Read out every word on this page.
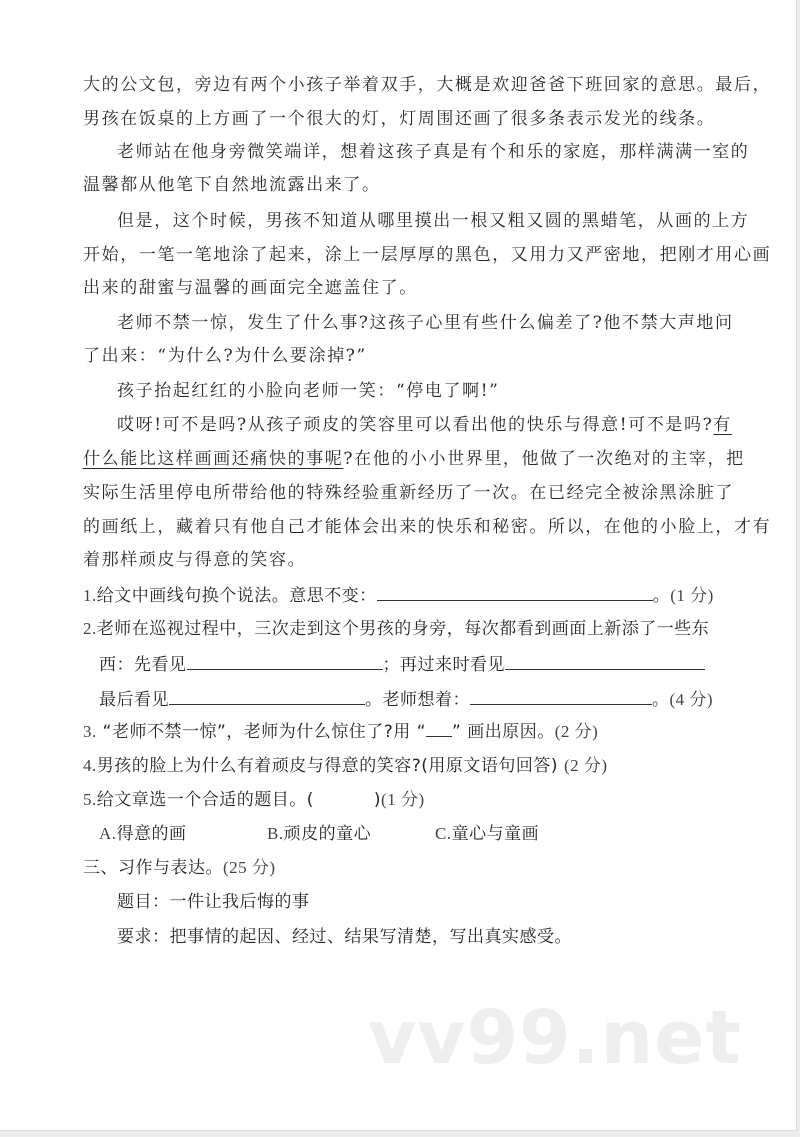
大的公文包，旁边有两个小孩子举着双手，大概是欢迎爸爸下班回家的意思。最后，
男孩在饭桌的上方画了一个很大的灯，灯周围还画了很多条表示发光的线条。
老师站在他身旁微笑端详，想着这孩子真是有个和乐的家庭，那样满满一室的
温馨都从他笔下自然地流露出来了。
但是，这个时候，男孩不知道从哪里摸出一根又粗又圆的黑蜡笔，从画的上方
开始，一笔一笔地涂了起来，涂上一层厚厚的黑色，又用力又严密地，把刚才用心画
出来的甜蜜与温馨的画面完全遮盖住了。
老师不禁一惊，发生了什么事?这孩子心里有些什么偏差了?他不禁大声地问
了出来：“为什么?为什么要涂掉?”
孩子抬起红红的小脸向老师一笑：“停电了啊!”
哎呀!可不是吗?从孩子顽皮的笑容里可以看出他的快乐与得意!可不是吗?有
什么能比这样画画还痛快的事呢?在他的小小世界里，他做了一次绝对的主宰，把
实际生活里停电所带给他的特殊经验重新经历了一次。在已经完全被涂黑涂脏了
的画纸上，藏着只有他自己才能体会出来的快乐和秘密。所以，在他的小脸上，才有
着那样顽皮与得意的笑容。
1.给文中画线句换个说法。意思不变：	。(1 分)
2.老师在巡视过程中，三次走到这个男孩的身旁，每次都看到画面上新添了一些东
西：先看见	；再过来时看见
最后看见	。老师想着：	。(4 分)
3. “老师不禁一惊”，老师为什么惊住了?用 “ ” 画出原因。(2 分)
4.男孩的脸上为什么有着顽皮与得意的笑容?(用原文语句回答) (2 分)
5.给文章选一个合适的题目。(	)(1 分)
A.得意的画	B.顽皮的童心	C.童心与童画
三、习作与表达。(25 分)
题目：一件让我后悔的事
要求：把事情的起因、经过、结果写清楚，写出真实感受。
vv99.net
